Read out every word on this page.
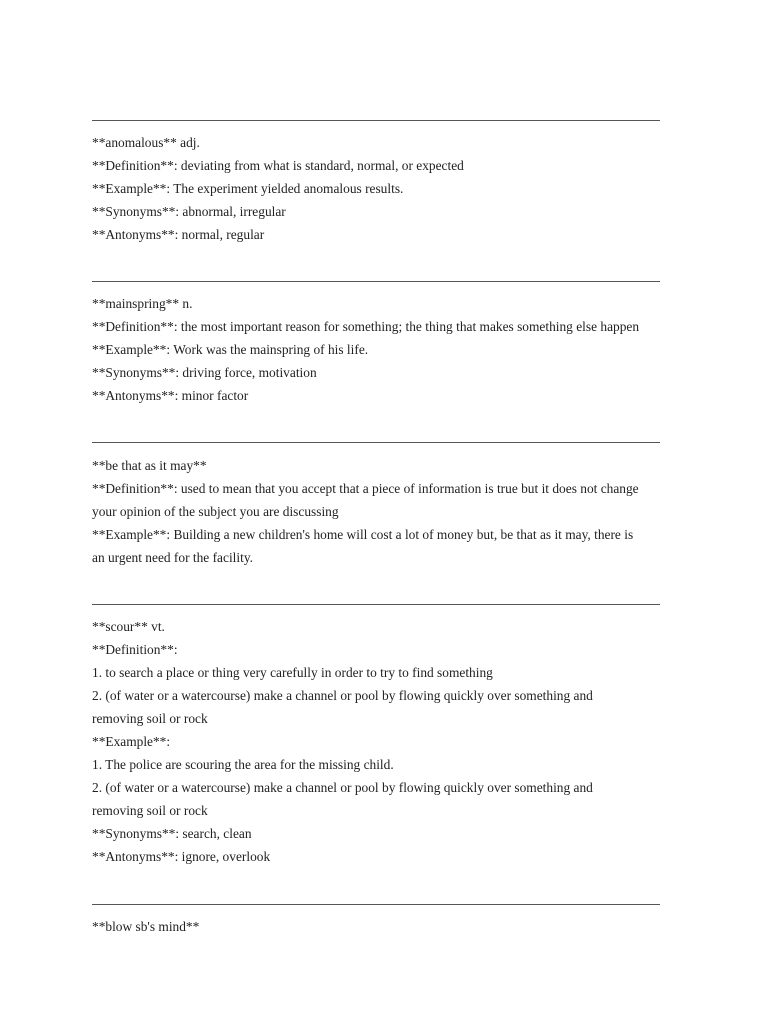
**anomalous** adj.
**Definition**: deviating from what is standard, normal, or expected
**Example**: The experiment yielded anomalous results.
**Synonyms**: abnormal, irregular
**Antonyms**: normal, regular
**mainspring** n.
**Definition**: the most important reason for something; the thing that makes something else happen
**Example**: Work was the mainspring of his life.
**Synonyms**: driving force, motivation
**Antonyms**: minor factor
**be that as it may**
**Definition**: used to mean that you accept that a piece of information is true but it does not change
your opinion of the subject you are discussing
**Example**: Building a new children's home will cost a lot of money but, be that as it may, there is
an urgent need for the facility.
**scour** vt.
**Definition**:
1. to search a place or thing very carefully in order to try to find something
2. (of water or a watercourse) make a channel or pool by flowing quickly over something and
removing soil or rock
**Example**:
1. The police are scouring the area for the missing child.
2. (of water or a watercourse) make a channel or pool by flowing quickly over something and
removing soil or rock
**Synonyms**: search, clean
**Antonyms**: ignore, overlook
**blow sb's mind**
